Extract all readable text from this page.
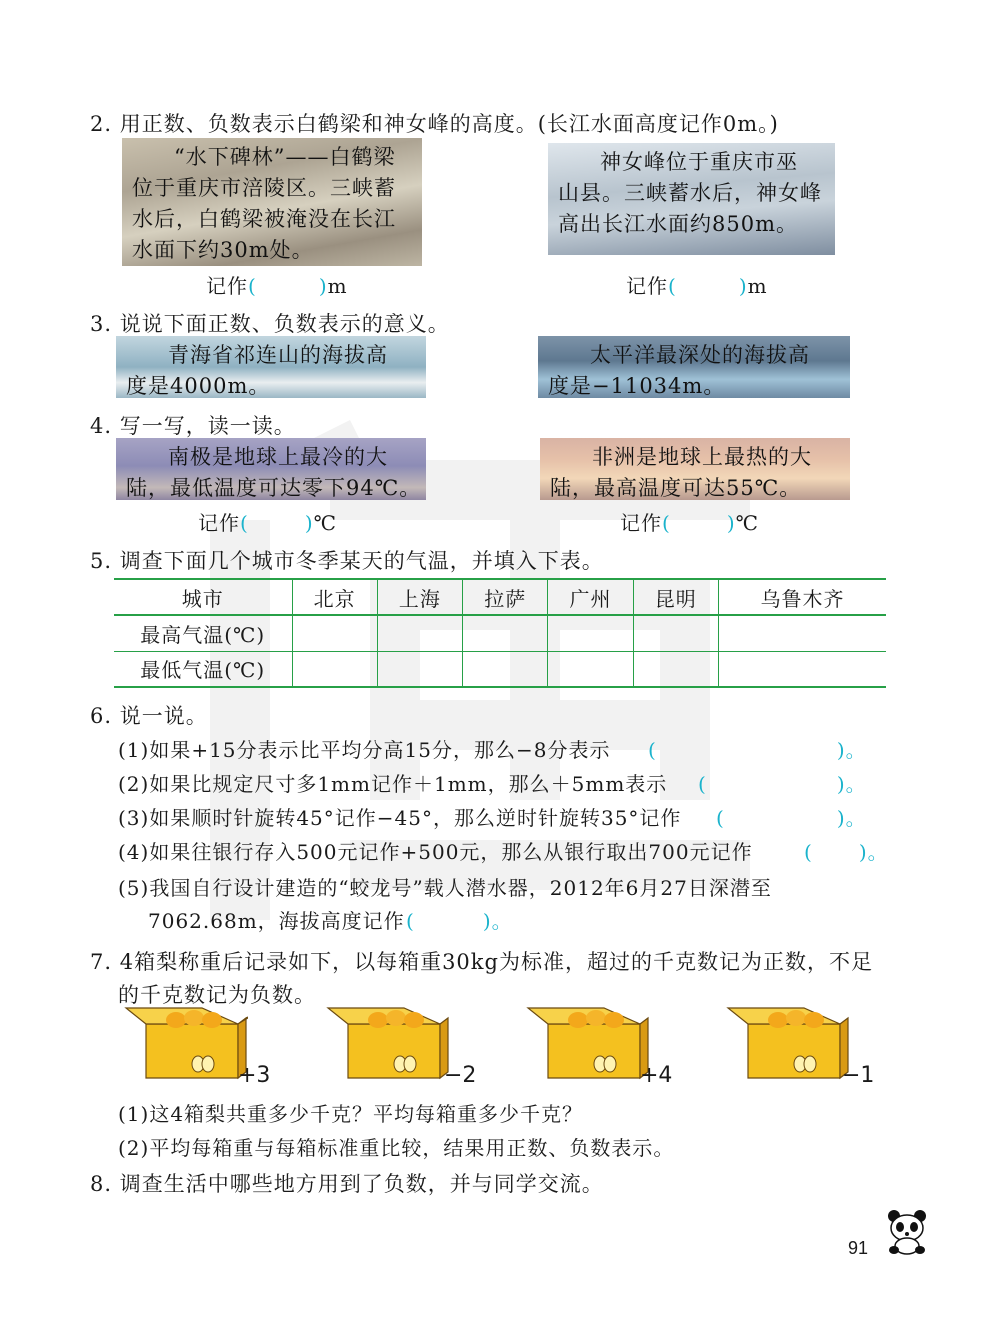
2. 用正数、负数表示白鹤梁和神女峰的高度。(长江水面高度记作0m。)
“水下碑林”——白鹤梁
位于重庆市涪陵区。三峡蓄
水后，白鹤梁被淹没在长江
水面下约30m处。
神女峰位于重庆市巫
山县。三峡蓄水后，神女峰
高出长江水面约850m。
记作(	)m	记作(	)m
3. 说说下面正数、负数表示的意义。
青海省祁连山的海拔高
度是4000m。
太平洋最深处的海拔高
度是−11034m。
4. 写一写，读一读。
南极是地球上最冷的大
陆，最低温度可达零下94℃。
非洲是地球上最热的大
陆，最高温度可达55℃。
记作(	)℃	记作(	)℃
5. 调查下面几个城市冬季某天的气温，并填入下表。
城市	北京	上海	拉萨	广州	昆明	乌鲁木齐
最高气温(℃)						
最低气温(℃)						
6. 说一说。
(1)如果+15分表示比平均分高15分，那么−8分表示 (	)。
(2)如果比规定尺寸多1mm记作＋1mm，那么＋5mm表示 (	)。
(3)如果顺时针旋转45°记作−45°，那么逆时针旋转35°记作 (	)。
(4)如果往银行存入500元记作+500元，那么从银行取出700元记作	( )。
(5)我国自行设计建造的“蛟龙号”载人潜水器，2012年6月27日深潜至
7062.68m，海拔高度记作 (	)。
7. 4箱梨称重后记录如下，以每箱重30kg为标准，超过的千克数记为正数，不足
的千克数记为负数。
+3	−2	+4	−1
(1)这4箱梨共重多少千克？平均每箱重多少千克？
(2)平均每箱重与每箱标准重比较，结果用正数、负数表示。
8. 调查生活中哪些地方用到了负数，并与同学交流。
91
